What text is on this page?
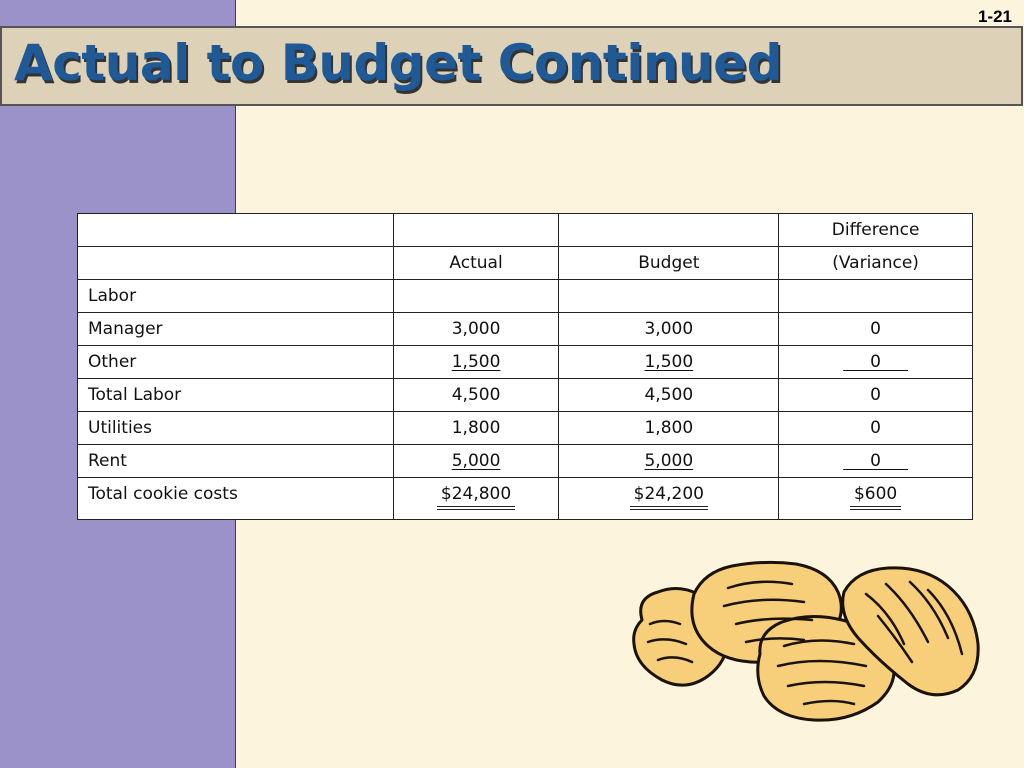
1-21
Actual to Budget Continued
			Difference
	Actual	Budget	(Variance)
Labor			
Manager	3,000	3,000	0
Other	1,500	1,500	0
Total Labor	4,500	4,500	0
Utilities	1,800	1,800	0
Rent	5,000	5,000	0
Total cookie costs	$24,800	$24,200	$600
